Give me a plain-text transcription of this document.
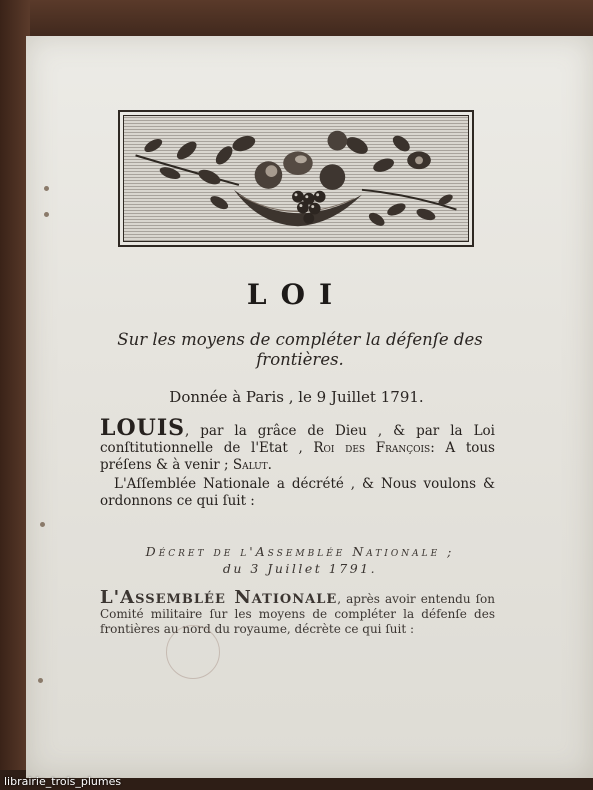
LOI
Sur les moyens de compléter la défenſe des frontières.
Donnée à Paris , le 9 Juillet 1791.
LOUIS, par la grâce de Dieu , & par la Loi conſtitutionnelle de l'Etat , Roi des François: A tous préſens & à venir ; Salut.
L'Aſſemblée Nationale a décrété , & Nous voulons & ordonnons ce qui ſuit :
Décret de l'Assemblée Nationale ;
du 3 Juillet 1791.
L'Assemblée Nationale, après avoir entendu ſon Comité militaire ſur les moyens de compléter la défenſe des frontières au nord du royaume, décrète ce qui ſuit :
librairie_trois_plumes
